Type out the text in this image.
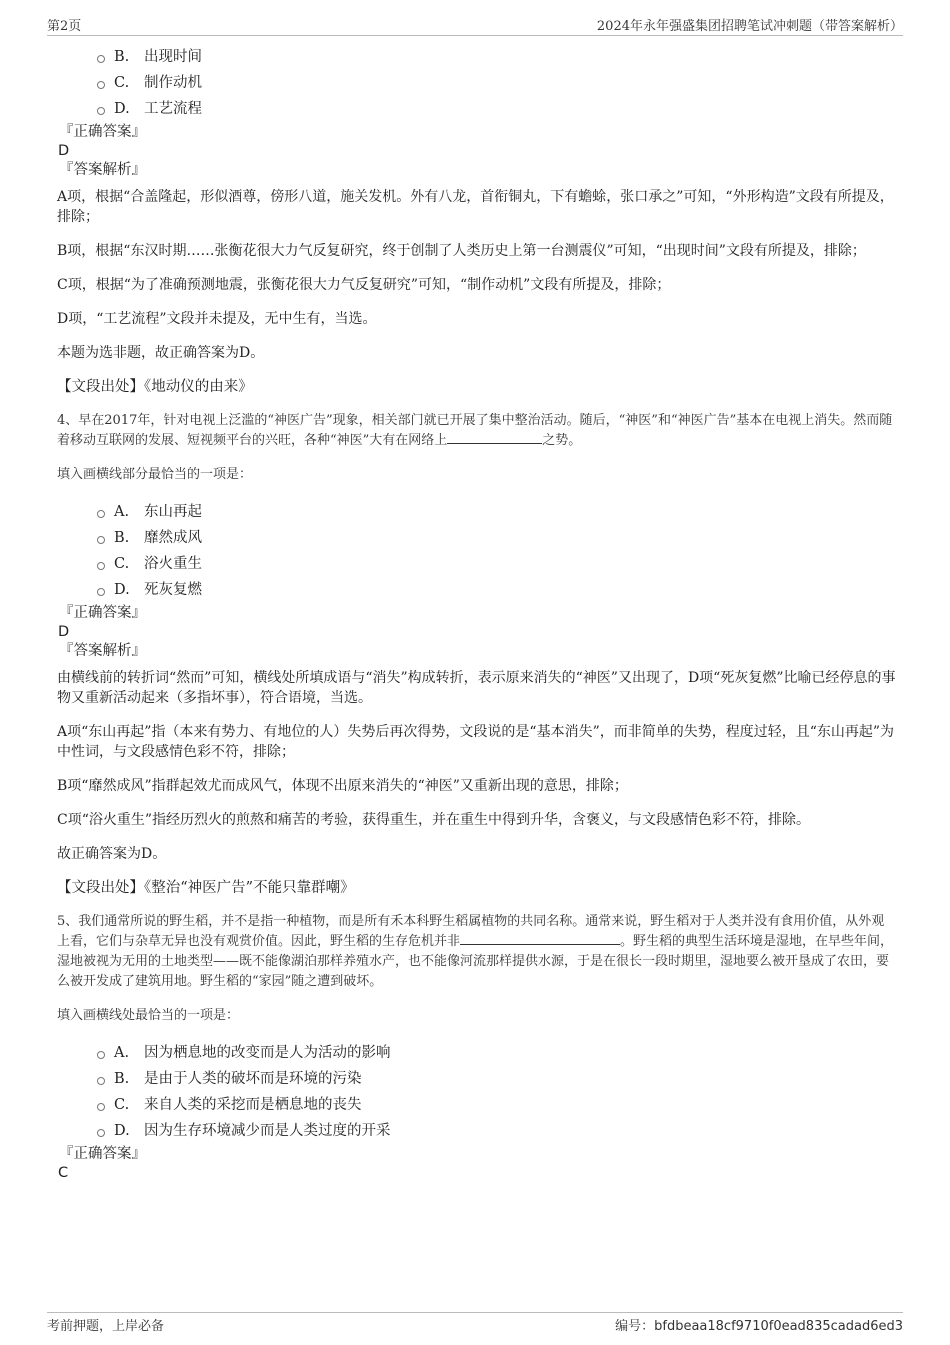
第2页	2024年永年强盛集团招聘笔试冲刺题（带答案解析）
B.	出现时间
C.	制作动机
D. 工艺流程
『正确答案』
D
『答案解析』

A项，根据“合盖隆起，形似酒尊，傍形八道，施关发机。外有八龙，首衔铜丸，下有蟾蜍，张口承之”可知，“外形构造”文段有所提及，排除；

B项，根据“东汉时期……张衡花很大力气反复研究，终于创制了人类历史上第一台测震仪”可知，“出现时间”文段有所提及，排除；

C项，根据“为了准确预测地震，张衡花很大力气反复研究”可知，“制作动机”文段有所提及，排除；

D项，“工艺流程”文段并未提及，无中生有，当选。

本题为选非题，故正确答案为D。

【文段出处】《地动仪的由来》

4、早在2017年，针对电视上泛滥的“神医广告”现象，相关部门就已开展了集中整治活动。随后，“神医”和“神医广告”基本在电视上消失。然而随着移动互联网的发展、短视频平台的兴旺，各种“神医”大有在网络上	之势。

填入画横线部分最恰当的一项是：

A.	东山再起
B.	靡然成风
C.	浴火重生
D. 死灰复燃
『正确答案』
D
『答案解析』

由横线前的转折词“然而”可知，横线处所填成语与“消失”构成转折，表示原来消失的“神医”又出现了，D项“死灰复燃”比喻已经停息的事物又重新活动起来（多指坏事），符合语境，当选。

A项“东山再起”指（本来有势力、有地位的人）失势后再次得势，文段说的是“基本消失”，而非简单的失势，程度过轻，且“东山再起”为中性词，与文段感情色彩不符，排除；

B项“靡然成风”指群起效尤而成风气，体现不出原来消失的“神医”又重新出现的意思，排除；

C项“浴火重生”指经历烈火的煎熬和痛苦的考验，获得重生，并在重生中得到升华，含褒义，与文段感情色彩不符，排除。

故正确答案为D。

【文段出处】《整治“神医广告”不能只靠群嘲》

5、我们通常所说的野生稻，并不是指一种植物，而是所有禾本科野生稻属植物的共同名称。通常来说，野生稻对于人类并没有食用价值，从外观上看，它们与杂草无异也没有观赏价值。因此，野生稻的生存危机并非	。野生稻的典型生活环境是湿地，在早些年间，湿地被视为无用的土地类型——既不能像湖泊那样养殖水产，也不能像河流那样提供水源，于是在很长一段时期里，湿地要么被开垦成了农田，要么被开发成了建筑用地。野生稻的“家园”随之遭到破坏。

填入画横线处最恰当的一项是：

A.	因为栖息地的改变而是人为活动的影响
B.	是由于人类的破坏而是环境的污染
C.	来自人类的采挖而是栖息地的丧失
D. 因为生存环境减少而是人类过度的开采
『正确答案』
C
考前押题，上岸必备	编号：bfdbeaa18cf9710f0ead835cadad6ed3
